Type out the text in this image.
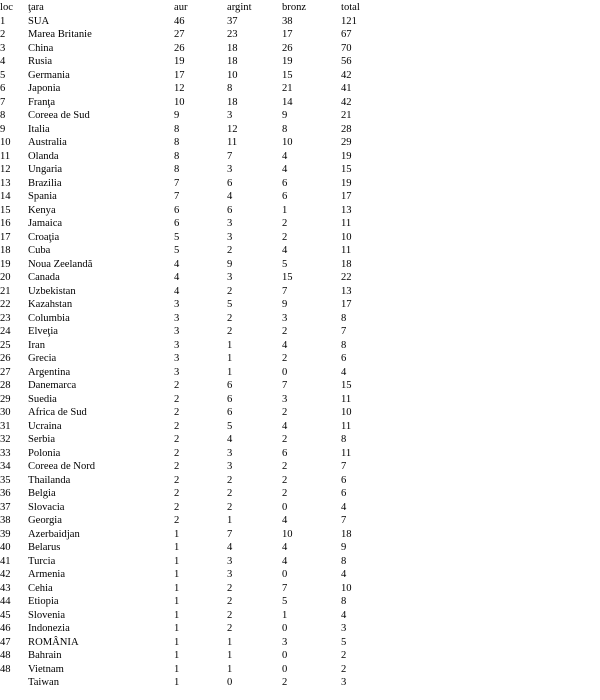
loc	ţara	aur	argint	bronz	total
1	SUA	46	37	38	121
2	Marea Britanie	27	23	17	67
3	China	26	18	26	70
4	Rusia	19	18	19	56
5	Germania	17	10	15	42
6	Japonia	12	8	21	41
7	Franţa	10	18	14	42
8	Coreea de Sud	9	3	9	21
9	Italia	8	12	8	28
10	Australia	8	11	10	29
11	Olanda	8	7	4	19
12	Ungaria	8	3	4	15
13	Brazilia	7	6	6	19
14	Spania	7	4	6	17
15	Kenya	6	6	1	13
16	Jamaica	6	3	2	11
17	Croaţia	5	3	2	10
18	Cuba	5	2	4	11
19	Noua Zeelandă	4	9	5	18
20	Canada	4	3	15	22
21	Uzbekistan	4	2	7	13
22	Kazahstan	3	5	9	17
23	Columbia	3	2	3	8
24	Elveţia	3	2	2	7
25	Iran	3	1	4	8
26	Grecia	3	1	2	6
27	Argentina	3	1	0	4
28	Danemarca	2	6	7	15
29	Suedia	2	6	3	11
30	Africa de Sud	2	6	2	10
31	Ucraina	2	5	4	11
32	Serbia	2	4	2	8
33	Polonia	2	3	6	11
34	Coreea de Nord	2	3	2	7
35	Thailanda	2	2	2	6
36	Belgia	2	2	2	6
37	Slovacia	2	2	0	4
38	Georgia	2	1	4	7
39	Azerbaidjan	1	7	10	18
40	Belarus	1	4	4	9
41	Turcia	1	3	4	8
42	Armenia	1	3	0	4
43	Cehia	1	2	7	10
44	Etiopia	1	2	5	8
45	Slovenia	1	2	1	4
46	Indonezia	1	2	0	3
47	ROMÂNIA	1	1	3	5
48	Bahrain	1	1	0	2
48	Vietnam	1	1	0	2
	Taiwan	1	0	2	3
